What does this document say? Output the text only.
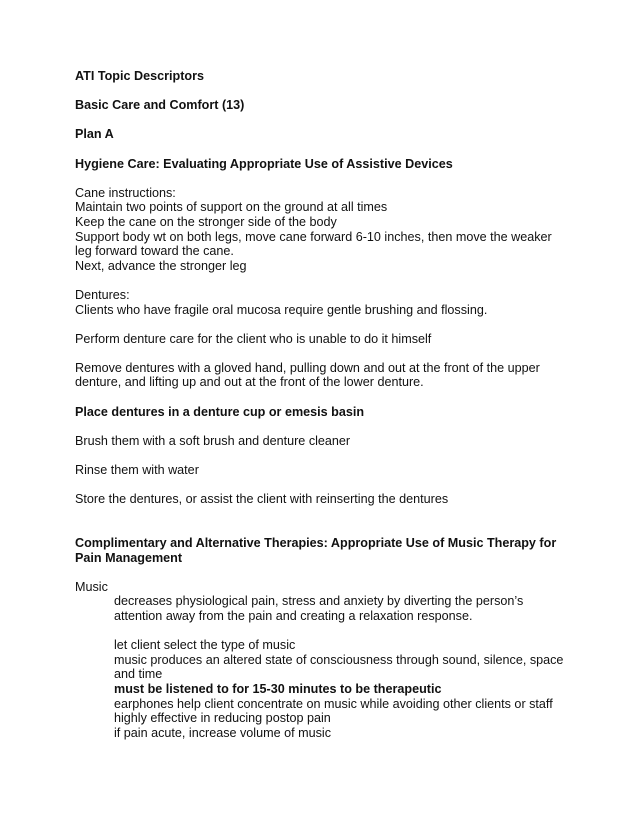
ATI Topic Descriptors

Basic Care and Comfort (13)

Plan A

Hygiene Care: Evaluating Appropriate Use of Assistive Devices

Cane instructions:

Maintain two points of support on the ground at all times

Keep the cane on the stronger side of the body

Support body wt on both legs, move cane forward 6-10 inches, then move the weaker leg forward toward the cane.

Next, advance the stronger leg

Dentures:

Clients who have fragile oral mucosa require gentle brushing and flossing.

Perform denture care for the client who is unable to do it himself

Remove dentures with a gloved hand, pulling down and out at the front of the upper denture, and lifting up and out at the front of the lower denture.

Place dentures in a denture cup or emesis basin

Brush them with a soft brush and denture cleaner

Rinse them with water

Store the dentures, or assist the client with reinserting the dentures

Complimentary and Alternative Therapies: Appropriate Use of Music Therapy for Pain Management

Music

decreases physiological pain, stress and anxiety by diverting the person’s attention away from the pain and creating a relaxation response.

let client select the type of music

music produces an altered state of consciousness through sound, silence, space and time

must be listened to for 15-30 minutes to be therapeutic

earphones help client concentrate on music while avoiding other clients or staff

highly effective in reducing postop pain

if pain acute, increase volume of music
